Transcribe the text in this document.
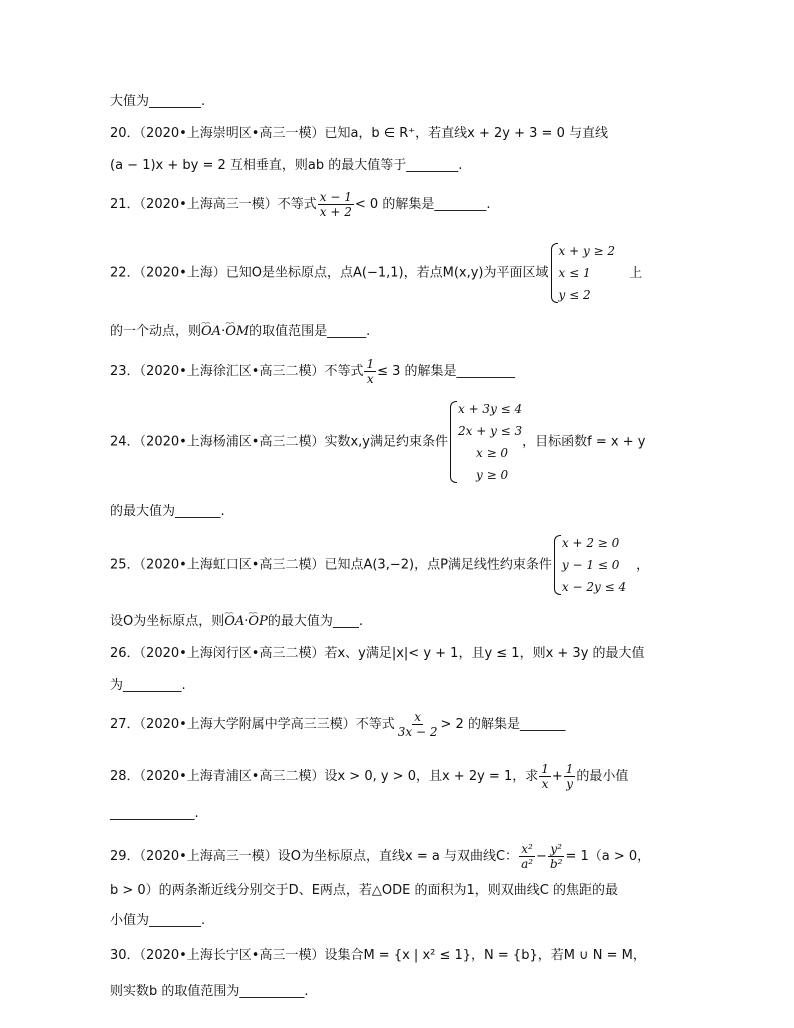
大值为________.
20．（2020•上海崇明区•高三一模）已知a，b ∈ R⁺，若直线x + 2y + 3 = 0 与直线
(a − 1)x + by = 2 互相垂直，则ab 的最大值等于________.
21．（2020•上海高三一模）不等式 $\frac{x - 1}{x + 2} < 0$ 的解集是________.
22．（2020•上海）已知O是坐标原点，点A(−1,1)，若点M(x,y)为平面区域
x + y ≥ 2
x ≤ 1
y ≤ 2
上
的一个动点，则⌢⌢ OA·⌢⌢ OM的取值范围是______.
23．（2020•上海徐汇区•高三二模）不等式 $\frac{1}{x} \le 3$ 的解集是_________
24．（2020•上海杨浦区•高三二模）实数x,y满足约束条件
x + 3y ≤ 4
2x + y ≤ 3
x ≥ 0
y ≥ 0
，目标函数f = x + y
的最大值为_______.
25．（2020•上海虹口区•高三二模）已知点A(3,−2)，点P满足线性约束条件
x + 2 ≥ 0
y − 1 ≤ 0
x − 2y ≤ 4
，
设O为坐标原点，则⌢⌢ OA·⌢⌢ OP的最大值为____.
26．（2020•上海闵行区•高三二模）若x、y满足|x|< y + 1，且y ≤ 1，则x + 3y 的最大值
为_________.
27．（2020•上海大学附属中学高三三模）不等式 $\frac{x}{3x - 2} > 2$ 的解集是_______
28．（2020•上海青浦区•高三二模）设x > 0, y > 0，且x + 2y = 1，求 $\frac{1}{x} + \frac{1}{y}$ 的最小值
_____________.
29．（2020•上海高三一模）设O为坐标原点，直线x = a 与双曲线C： $\frac{\text{x²}}{\text{a²}} - \frac{\text{y²}}{\text{b²}} = 1(a > 0$，
b > 0）的两条渐近线分别交于D、E两点，若△ODE 的面积为1，则双曲线C 的焦距的最
小值为________.
30．（2020•上海长宁区•高三一模）设集合M = {x | x² ≤ 1}，N = {b}，若M ∪ N = M，
则实数b 的取值范围为__________.
